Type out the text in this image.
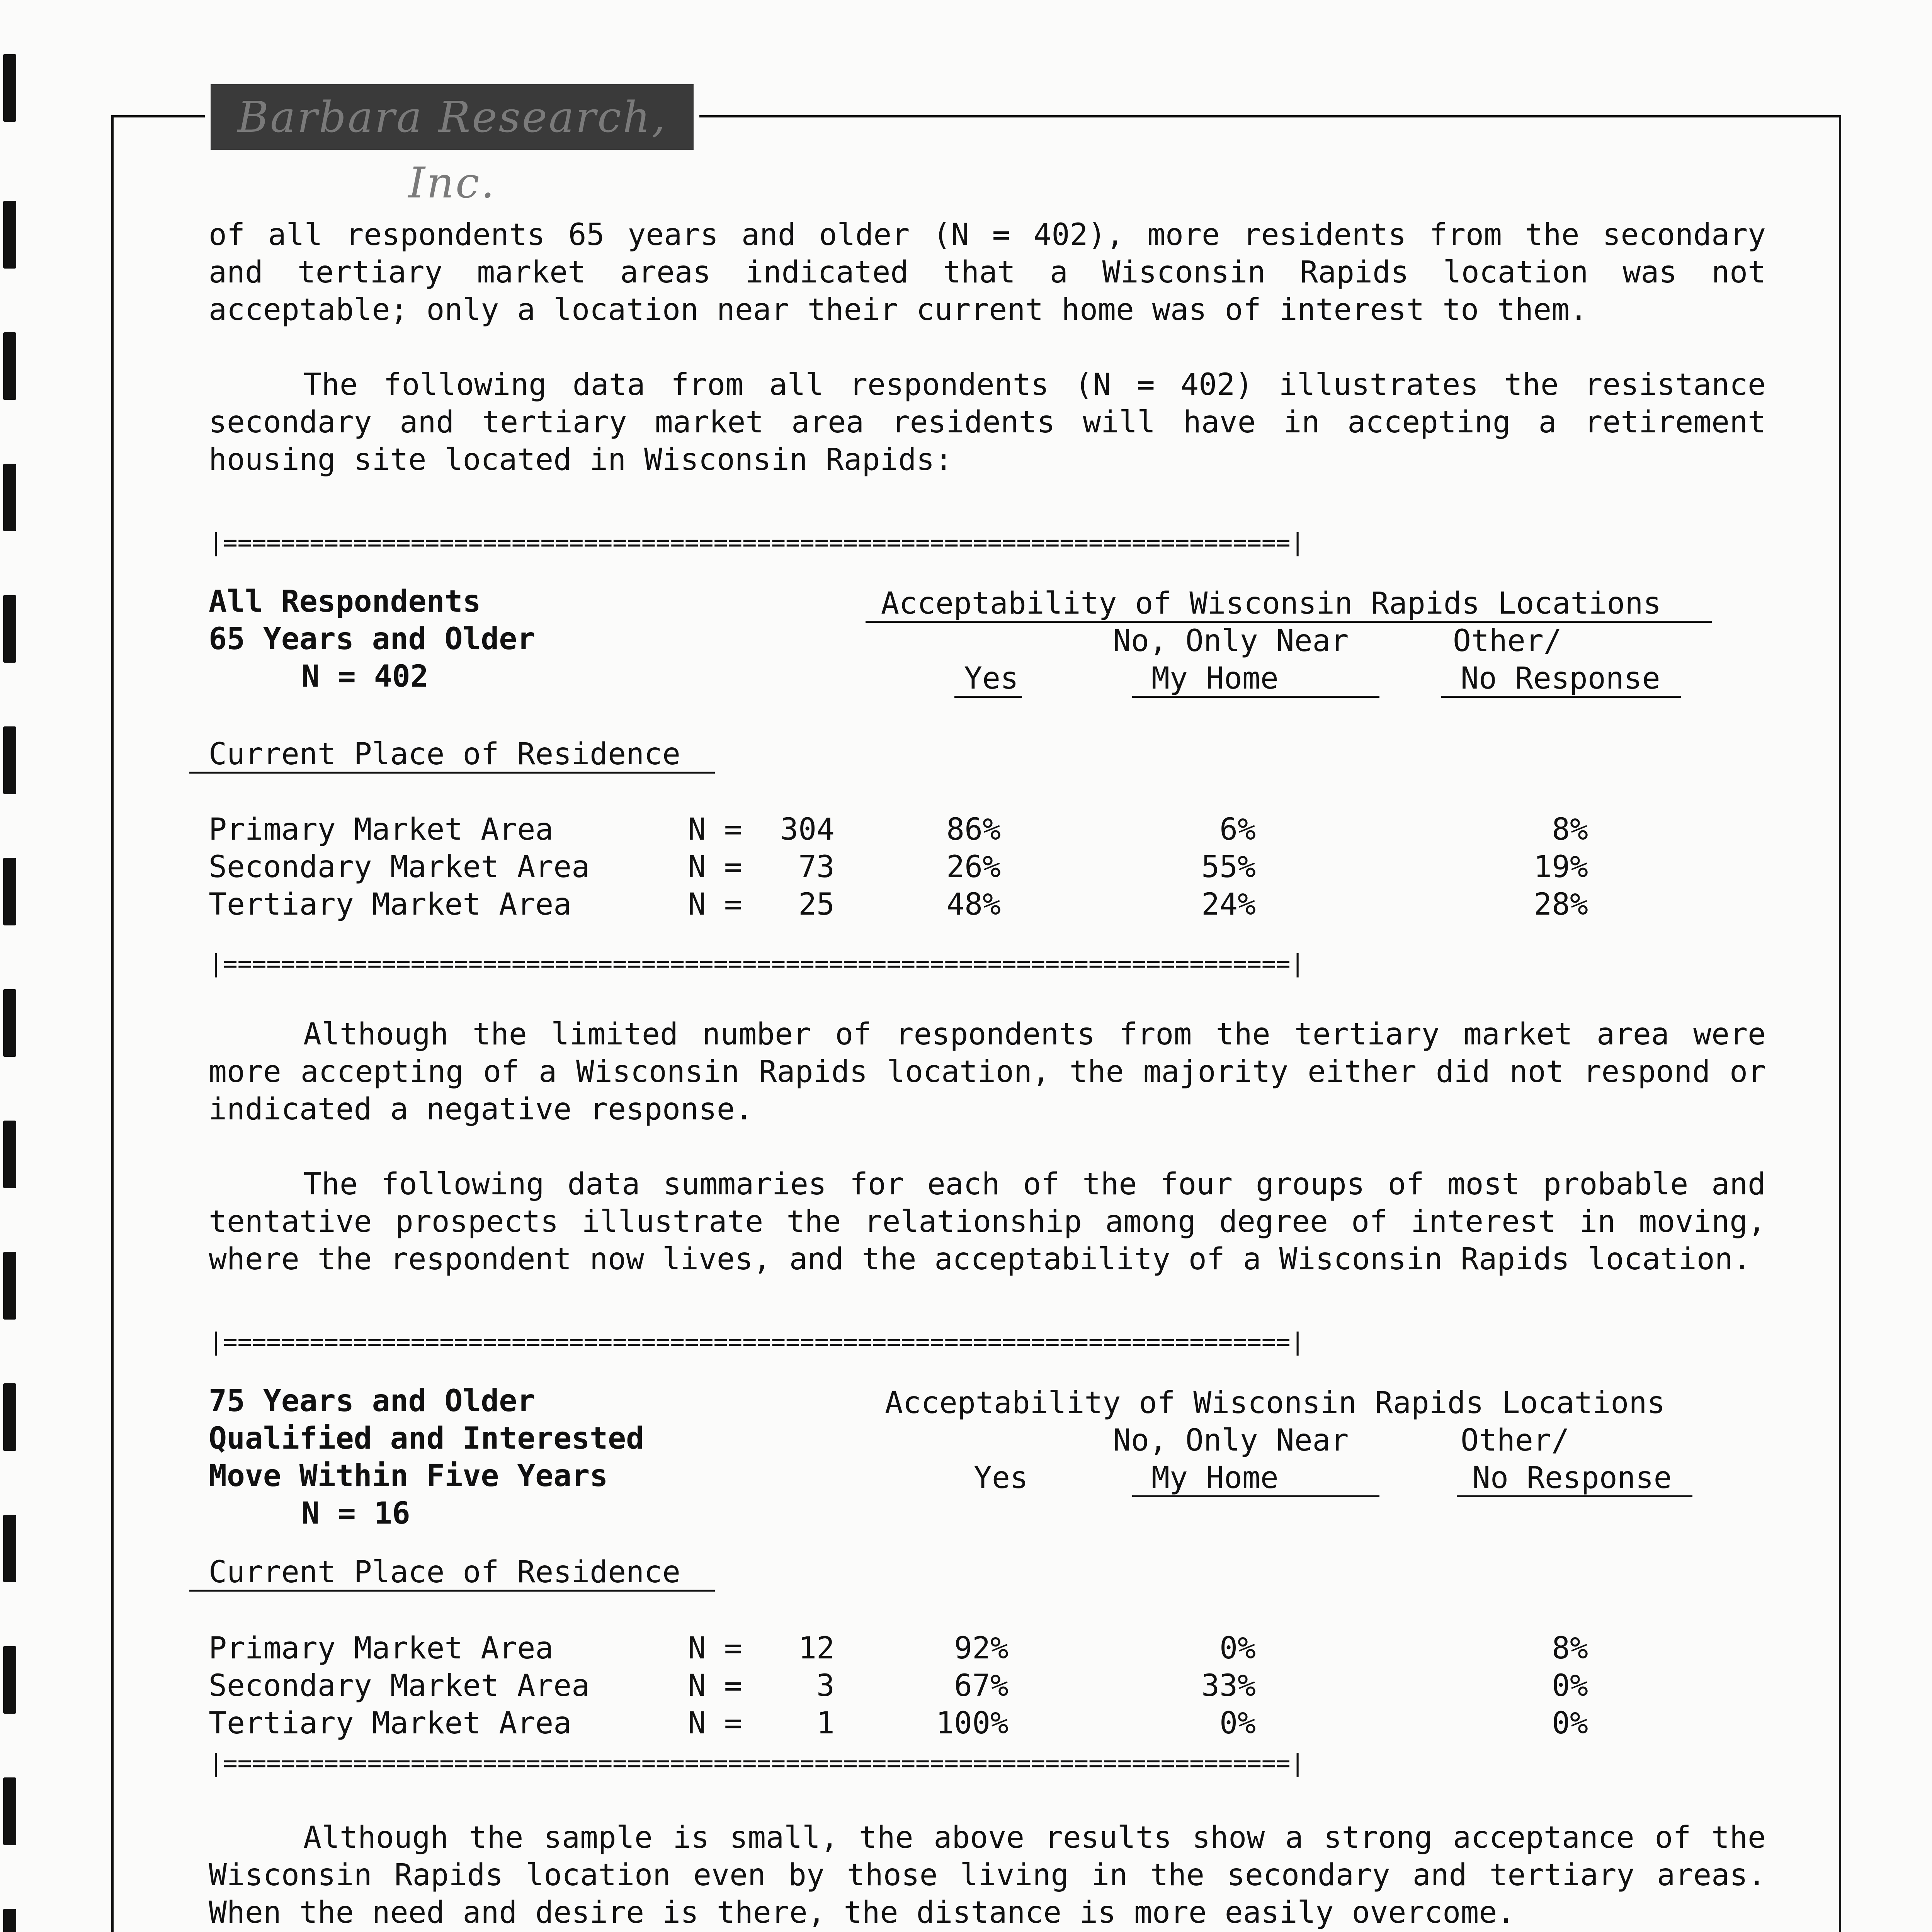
Barbara Research, Inc.

of all respondents 65 years and older (N = 402), more residents from the secondary and tertiary market areas indicated that a Wisconsin Rapids location was not acceptable; only a location near their current home was of interest to them.

The following data from all respondents (N = 402) illustrates the resistance secondary and tertiary market area residents will have in accepting a retirement housing site located in Wisconsin Rapids:

|==========================================================================|
All Respondents
65 Years and Older
N = 402
Acceptability of Wisconsin Rapids Locations
No, Only Near	Other/
Yes	My Home	No Response
Current Place of Residence
Primary Market Area	N = 304	86%	6%	8%
Secondary Market Area	N =	73	26%	55%	19%
Tertiary Market Area	N =	25	48%	24%	28%
|==========================================================================|

Although the limited number of respondents from the tertiary market area were more accepting of a Wisconsin Rapids location, the majority either did not respond or indicated a negative response.

The following data summaries for each of the four groups of most probable and tentative prospects illustrate the relationship among degree of interest in moving, where the respondent now lives, and the acceptability of a Wisconsin Rapids location.

|==========================================================================|
75 Years and Older
Qualified and Interested
Move Within Five Years
N = 16
Acceptability of Wisconsin Rapids Locations
No, Only Near	Other/
Yes	My Home	No Response
Current Place of Residence
Primary Market Area	N =	12	92%	0%	8%
Secondary Market Area	N =	3	67%	33%	0%
Tertiary Market Area	N =	1	100%	0%	0%
|==========================================================================|

Although the sample is small, the above results show a strong acceptance of the Wisconsin Rapids location even by those living in the secondary and tertiary areas. When the need and desire is there, the distance is more easily overcome.
